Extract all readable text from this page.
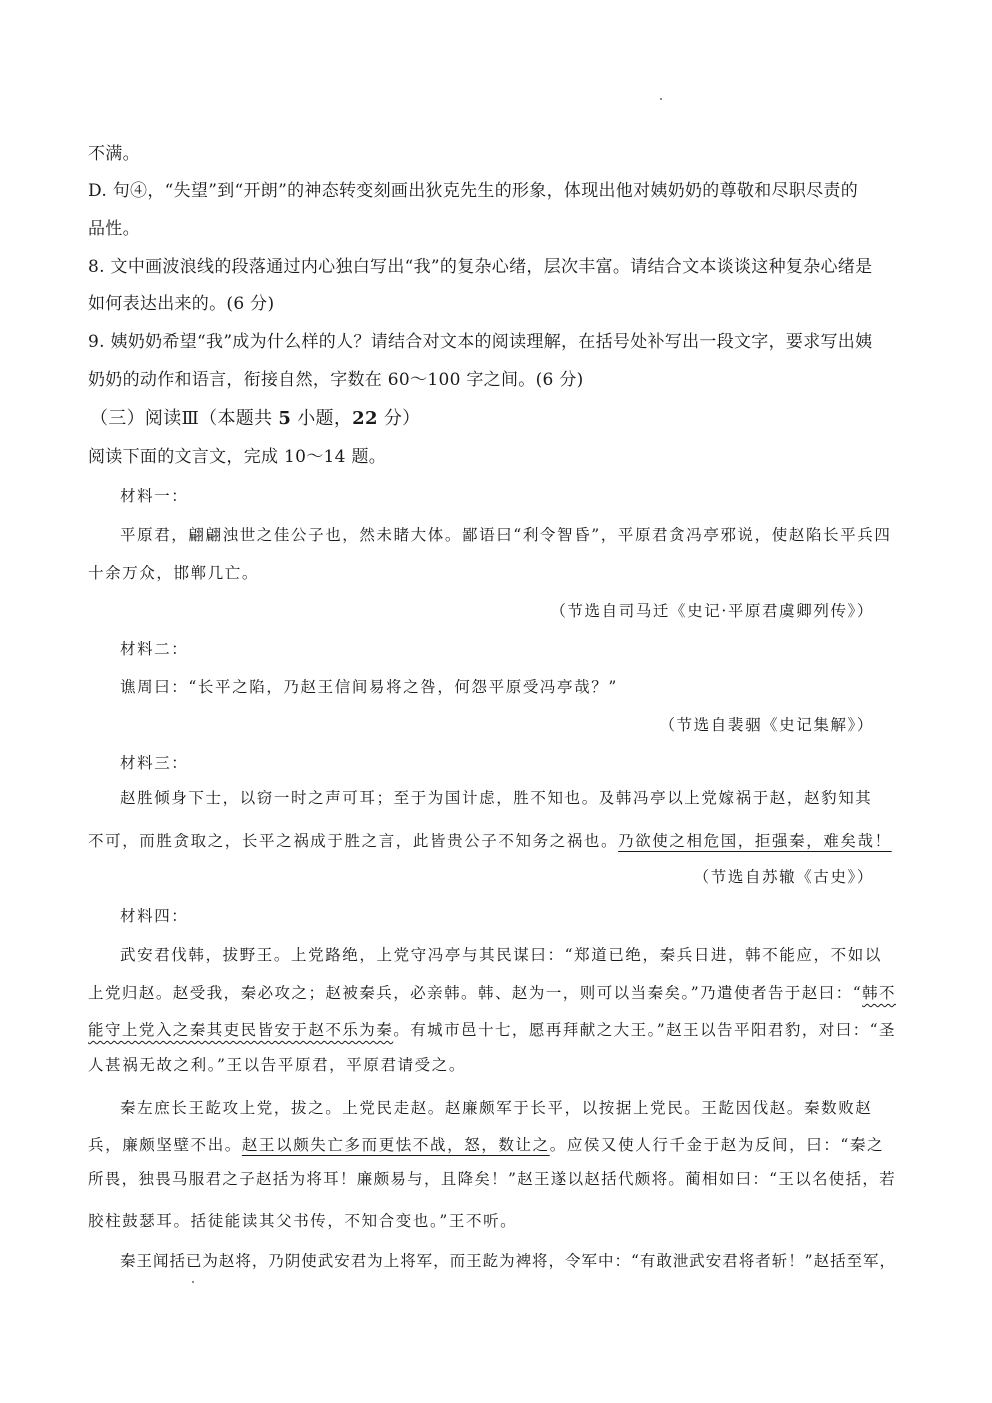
不满。
D. 句④，“失望”到“开朗”的神态转变刻画出狄克先生的形象，体现出他对姨奶奶的尊敬和尽职尽责的
品性。
8. 文中画波浪线的段落通过内心独白写出“我”的复杂心绪，层次丰富。请结合文本谈谈这种复杂心绪是
如何表达出来的。(6 分)
9. 姨奶奶希望“我”成为什么样的人？请结合对文本的阅读理解，在括号处补写出一段文字，要求写出姨
奶奶的动作和语言，衔接自然，字数在 60～100 字之间。(6 分)
（三）阅读Ⅲ（本题共 5 小题，22 分）
阅读下面的文言文，完成 10～14 题。
材料一：
平原君，翩翩浊世之佳公子也，然未睹大体。鄙语曰“利令智昏”，平原君贪冯亭邪说，使赵陷长平兵四
十余万众，邯郸几亡。
（节选自司马迁《史记·平原君虞卿列传》）
材料二：
谯周曰：“长平之陷，乃赵王信间易将之咎，何怨平原受冯亭哉？”
（节选自裴骃《史记集解》）
材料三：
赵胜倾身下士，以窃一时之声可耳；至于为国计虑，胜不知也。及韩冯亭以上党嫁祸于赵，赵豹知其
不可，而胜贪取之，长平之祸成于胜之言，此皆贵公子不知务之祸也。乃欲使之相危国，拒强秦，难矣哉！
（节选自苏辙《古史》）
材料四：
武安君伐韩，拔野王。上党路绝，上党守冯亭与其民谋曰：“郑道已绝，秦兵日进，韩不能应，不如以
上党归赵。赵受我，秦必攻之；赵被秦兵，必亲韩。韩、赵为一，则可以当秦矣。”乃遣使者告于赵曰：“韩不
能守上党入之秦其吏民皆安于赵不乐为秦。有城市邑十七，愿再拜献之大王。”赵王以告平阳君豹，对曰：“圣
人甚祸无故之利。”王以告平原君，平原君请受之。
秦左庶长王龁攻上党，拔之。上党民走赵。赵廉颇军于长平，以按据上党民。王龁因伐赵。秦数败赵
兵，廉颇坚壁不出。赵王以颇失亡多而更怯不战，怒，数让之。应侯又使人行千金于赵为反间，曰：“秦之
所畏，独畏马服君之子赵括为将耳！廉颇易与，且降矣！”赵王遂以赵括代颇将。蔺相如曰：“王以名使括，若
胶柱鼓瑟耳。括徒能读其父书传，不知合变也。”王不听。
秦王闻括已为赵将，乃阴使武安君为上将军，而王龁为裨将，令军中：“有敢泄武安君将者斩！”赵括至军，
